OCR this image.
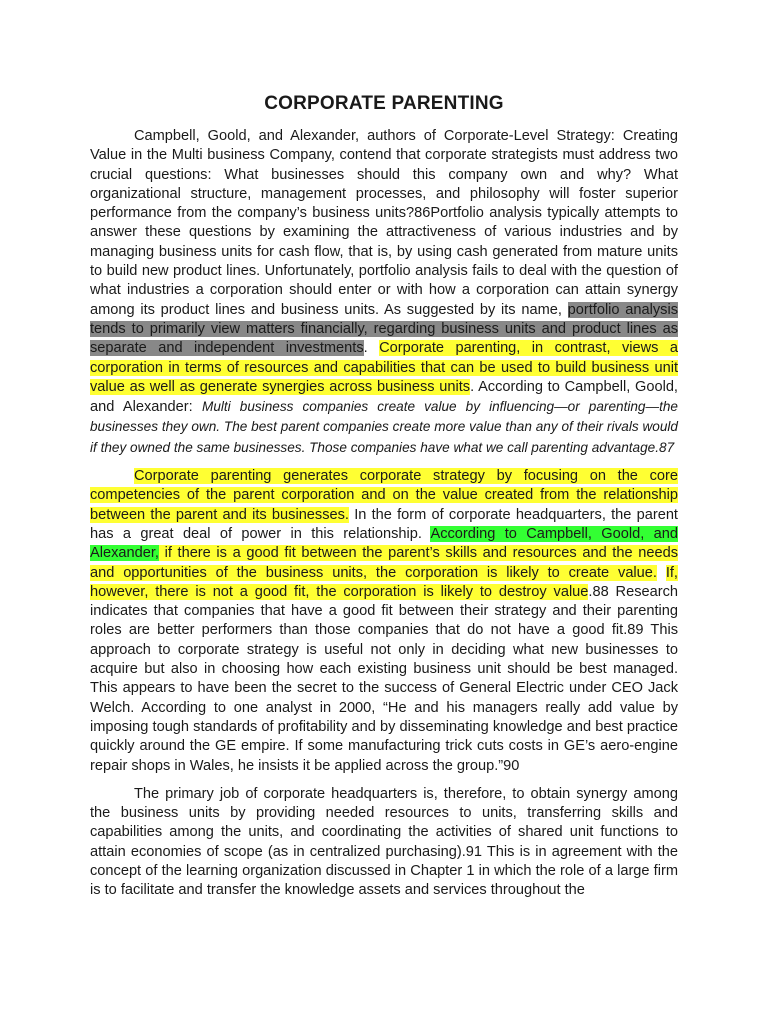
CORPORATE PARENTING

Campbell, Goold, and Alexander, authors of Corporate-Level Strategy: Creating Value in the Multi business Company, contend that corporate strategists must address two crucial questions: What businesses should this company own and why? What organizational structure, management processes, and philosophy will foster superior performance from the company’s business units?86Portfolio analysis typically attempts to answer these questions by examining the attractiveness of various industries and by managing business units for cash flow, that is, by using cash generated from mature units to build new product lines. Unfortunately, portfolio analysis fails to deal with the question of what industries a corporation should enter or with how a corporation can attain synergy among its product lines and business units. As suggested by its name, portfolio analysis tends to primarily view matters financially, regarding business units and product lines as separate and independent investments. Corporate parenting, in contrast, views a corporation in terms of resources and capabilities that can be used to build business unit value as well as generate synergies across business units. According to Campbell, Goold, and Alexander: Multi business companies create value by influencing—or parenting—the businesses they own. The best parent companies create more value than any of their rivals would if they owned the same businesses. Those companies have what we call parenting advantage.87

Corporate parenting generates corporate strategy by focusing on the core competencies of the parent corporation and on the value created from the relationship between the parent and its businesses. In the form of corporate headquarters, the parent has a great deal of power in this relationship. According to Campbell, Goold, and Alexander, if there is a good fit between the parent’s skills and resources and the needs and opportunities of the business units, the corporation is likely to create value. If, however, there is not a good fit, the corporation is likely to destroy value.88 Research indicates that companies that have a good fit between their strategy and their parenting roles are better performers than those companies that do not have a good fit.89 This approach to corporate strategy is useful not only in deciding what new businesses to acquire but also in choosing how each existing business unit should be best managed. This appears to have been the secret to the success of General Electric under CEO Jack Welch. According to one analyst in 2000, “He and his managers really add value by imposing tough standards of profitability and by disseminating knowledge and best practice quickly around the GE empire. If some manufacturing trick cuts costs in GE’s aero-engine repair shops in Wales, he insists it be applied across the group.”90

The primary job of corporate headquarters is, therefore, to obtain synergy among the business units by providing needed resources to units, transferring skills and capabilities among the units, and coordinating the activities of shared unit functions to attain economies of scope (as in centralized purchasing).91 This is in agreement with the concept of the learning organization discussed in Chapter 1 in which the role of a large firm is to facilitate and transfer the knowledge assets and services throughout the
